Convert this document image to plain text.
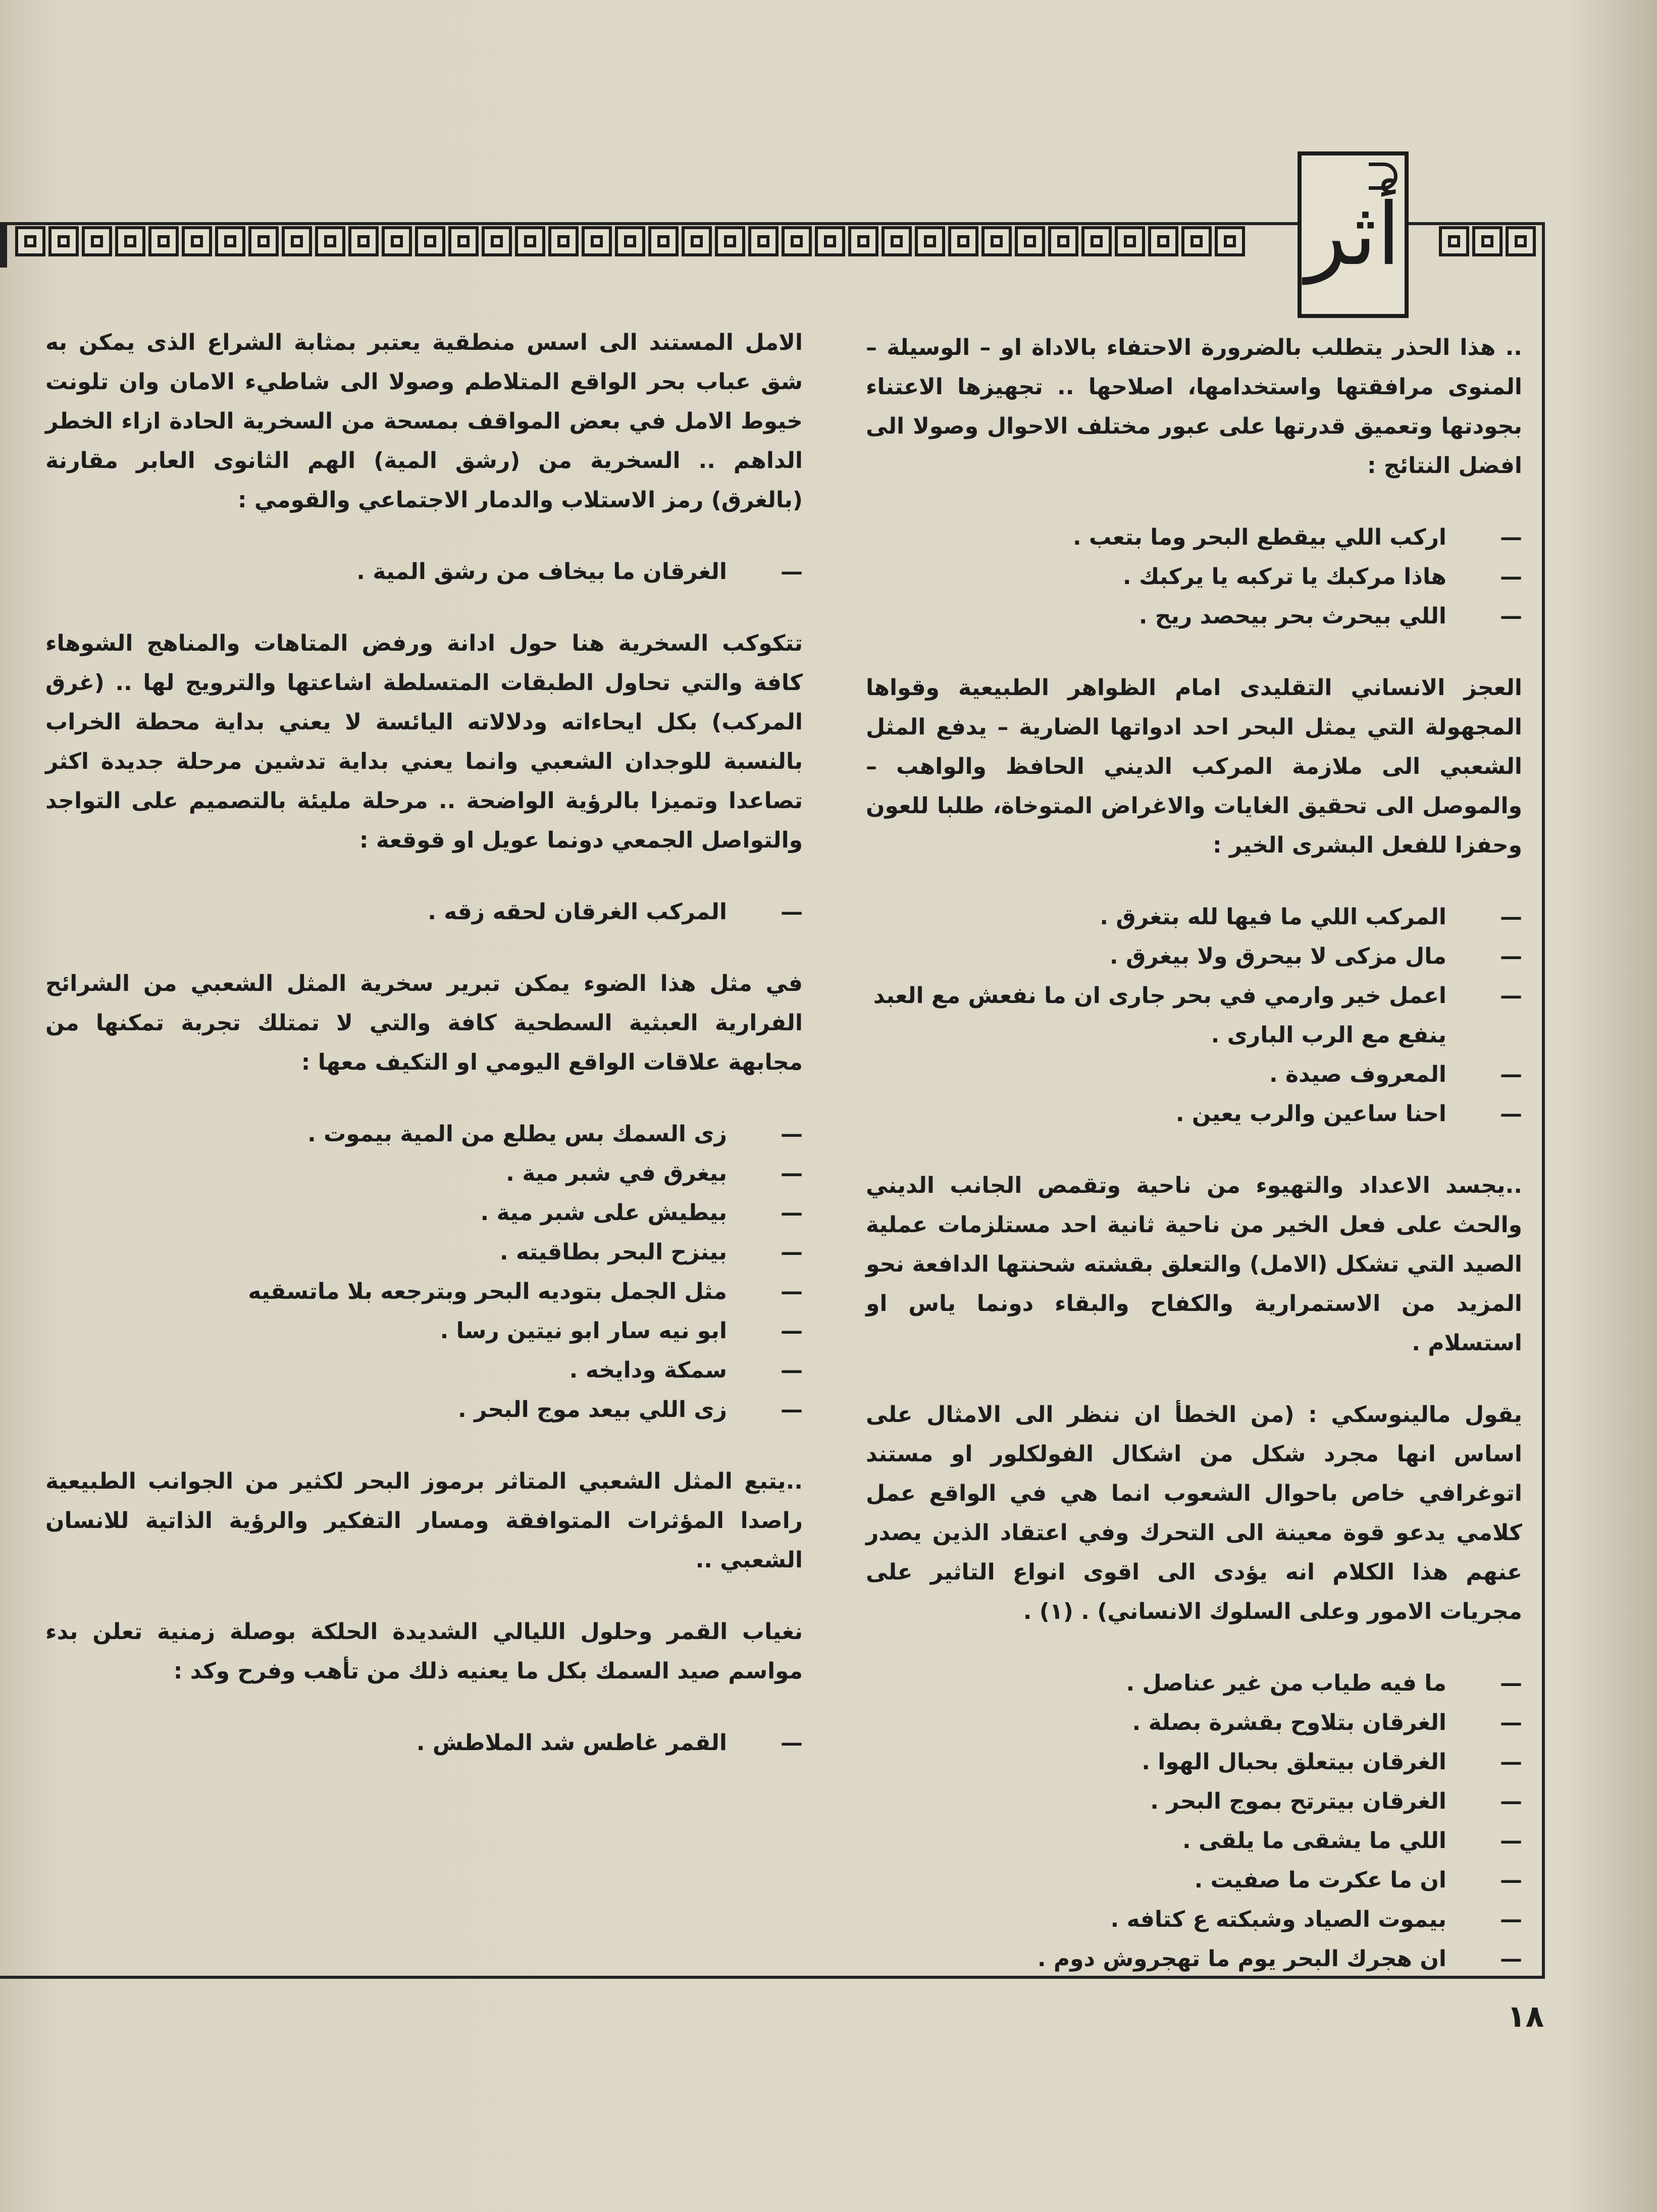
أثر

.. هذا الحذر يتطلب بالضرورة الاحتفاء بالاداة او – الوسيلة – المنوى مرافقتها واستخدامها، اصلاحها .. تجهيزها الاعتناء بجودتها وتعميق قدرتها على عبور مختلف الاحوال وصولا الى افضل النتائج :

— اركب اللي بيقطع البحر وما بتعب .
— هاذا مركبك يا تركبه يا يركبك .
— اللي بيحرث بحر بيحصد ريح .

العجز الانساني التقليدى امام الظواهر الطبيعية وقواها المجهولة التي يمثل البحر احد ادواتها الضارية – يدفع المثل الشعبي الى ملازمة المركب الديني الحافظ والواهب – والموصل الى تحقيق الغايات والاغراض المتوخاة، طلبا للعون وحفزا للفعل البشرى الخير :

— المركب اللي ما فيها لله بتغرق .
— مال مزكى لا بيحرق ولا بيغرق .
— اعمل خير وارمي في بحر جارى ان ما نفعش مع العبد ينفع مع الرب البارى .
— المعروف صيدة .
— احنا ساعين والرب يعين .

..يجسد الاعداد والتهيوء من ناحية وتقمص الجانب الديني والحث على فعل الخير من ناحية ثانية احد مستلزمات عملية الصيد التي تشكل (الامل) والتعلق بقشته شحنتها الدافعة نحو المزيد من الاستمرارية والكفاح والبقاء دونما ياس او استسلام .

يقول مالينوسكي : (من الخطأ ان ننظر الى الامثال على اساس انها مجرد شكل من اشكال الفولكلور او مستند اتوغرافي خاص باحوال الشعوب انما هي في الواقع عمل كلامي يدعو قوة معينة الى التحرك وفي اعتقاد الذين يصدر عنهم هذا الكلام انه يؤدى الى اقوى انواع التاثير على مجريات الامور وعلى السلوك الانساني) . (١) .

— ما فيه طياب من غير عناصل .
— الغرقان بتلاوح بقشرة بصلة .
— الغرقان بيتعلق بحبال الهوا .
— الغرقان بيترتح بموج البحر .
— اللي ما يشقى ما يلقى .
— ان ما عكرت ما صفيت .
— بيموت الصياد وشبكته ع كتافه .
— ان هجرك البحر يوم ما تهجروش دوم .

الامل المستند الى اسس منطقية يعتبر بمثابة الشراع الذى يمكن به شق عباب بحر الواقع المتلاطم وصولا الى شاطيء الامان وان تلونت خيوط الامل في بعض المواقف بمسحة من السخرية الحادة ازاء الخطر الداهم .. السخرية من (رشق المية) الهم الثانوى العابر مقارنة (بالغرق) رمز الاستلاب والدمار الاجتماعي والقومي :

— الغرقان ما بيخاف من رشق المية .

تتكوكب السخرية هنا حول ادانة ورفض المتاهات والمناهج الشوهاء كافة والتي تحاول الطبقات المتسلطة اشاعتها والترويج لها .. (غرق المركب) بكل ايحاءاته ودلالاته اليائسة لا يعني بداية محطة الخراب بالنسبة للوجدان الشعبي وانما يعني بداية تدشين مرحلة جديدة اكثر تصاعدا وتميزا بالرؤية الواضحة .. مرحلة مليئة بالتصميم على التواجد والتواصل الجمعي دونما عويل او قوقعة :

— المركب الغرقان لحقه زقه .

في مثل هذا الضوء يمكن تبرير سخرية المثل الشعبي من الشرائح الفرارية العبثية السطحية كافة والتي لا تمتلك تجربة تمكنها من مجابهة علاقات الواقع اليومي او التكيف معها :

— زى السمك بس يطلع من المية بيموت .
— بيغرق في شبر مية .
— بيطيش على شبر مية .
— بينزح البحر بطاقيته .
— مثل الجمل بتوديه البحر وبترجعه بلا ماتسقيه
— ابو نيه سار ابو نيتين رسا .
— سمكة ودايخه .
— زى اللي بيعد موج البحر .

..يتبع المثل الشعبي المتاثر برموز البحر لكثير من الجوانب الطبيعية راصدا المؤثرات المتوافقة ومسار التفكير والرؤية الذاتية للانسان الشعبي ..

نغياب القمر وحلول الليالي الشديدة الحلكة بوصلة زمنية تعلن بدء مواسم صيد السمك بكل ما يعنيه ذلك من تأهب وفرح وكد :

— القمر غاطس شد الملاطش .
١٨
